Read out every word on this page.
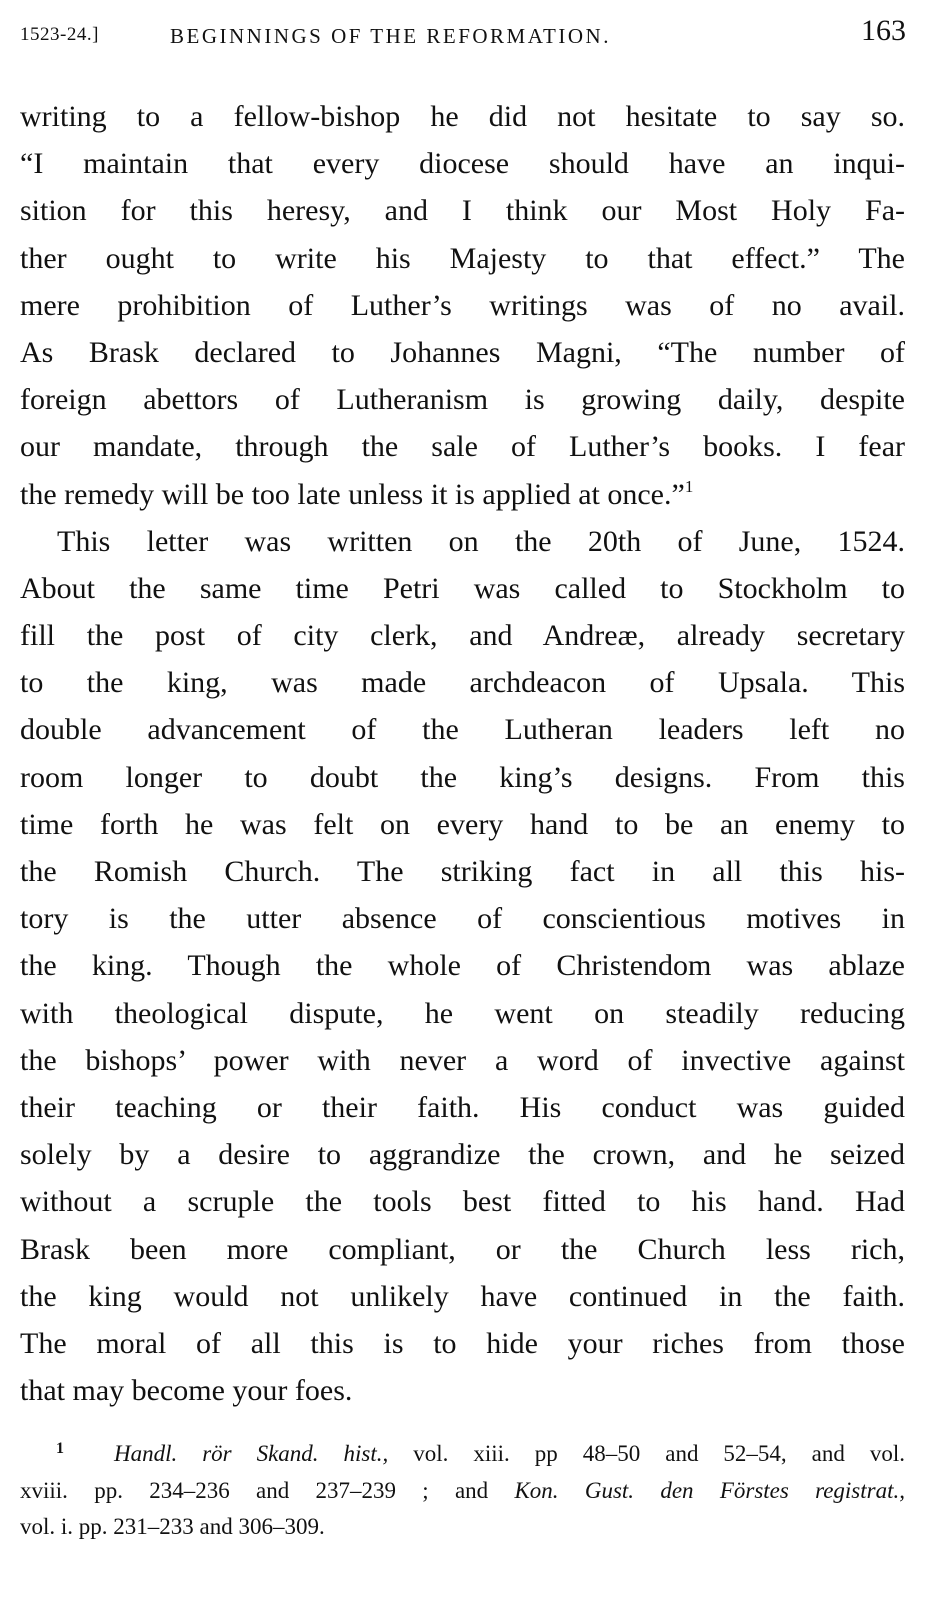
1523-24.]	BEGINNINGS OF THE REFORMATION.	163
writing to a fellow-bishop he did not hesitate to say so.
“I maintain that every diocese should have an inqui-
sition for this heresy, and I think our Most Holy Fa-
ther ought to write his Majesty to that effect.” The
mere prohibition of Luther’s writings was of no avail.
As Brask declared to Johannes Magni, “The number of
foreign abettors of Lutheranism is growing daily, despite
our mandate, through the sale of Luther’s books. I fear
the remedy will be too late unless it is applied at once.”$^1$
This letter was written on the 20th of June, 1524.
About the same time Petri was called to Stockholm to
fill the post of city clerk, and Andreæ, already secretary
to the king, was made archdeacon of Upsala. This
double advancement of the Lutheran leaders left no
room longer to doubt the king’s designs. From this
time forth he was felt on every hand to be an enemy to
the Romish Church. The striking fact in all this his-
tory is the utter absence of conscientious motives in
the king. Though the whole of Christendom was ablaze
with theological dispute, he went on steadily reducing
the bishops’ power with never a word of invective against
their teaching or their faith. His conduct was guided
solely by a desire to aggrandize the crown, and he seized
without a scruple the tools best fitted to his hand. Had
Brask been more compliant, or the Church less rich,
the king would not unlikely have continued in the faith.
The moral of all this is to hide your riches from those
that may become your foes.
$^1$ Handl. rör Skand. hist., vol. xiii. pp 48–50 and 52–54, and vol.
xviii. pp. 234–236 and 237–239 ; and Kon. Gust. den Förstes registrat.,
vol. i. pp. 231–233 and 306–309.
